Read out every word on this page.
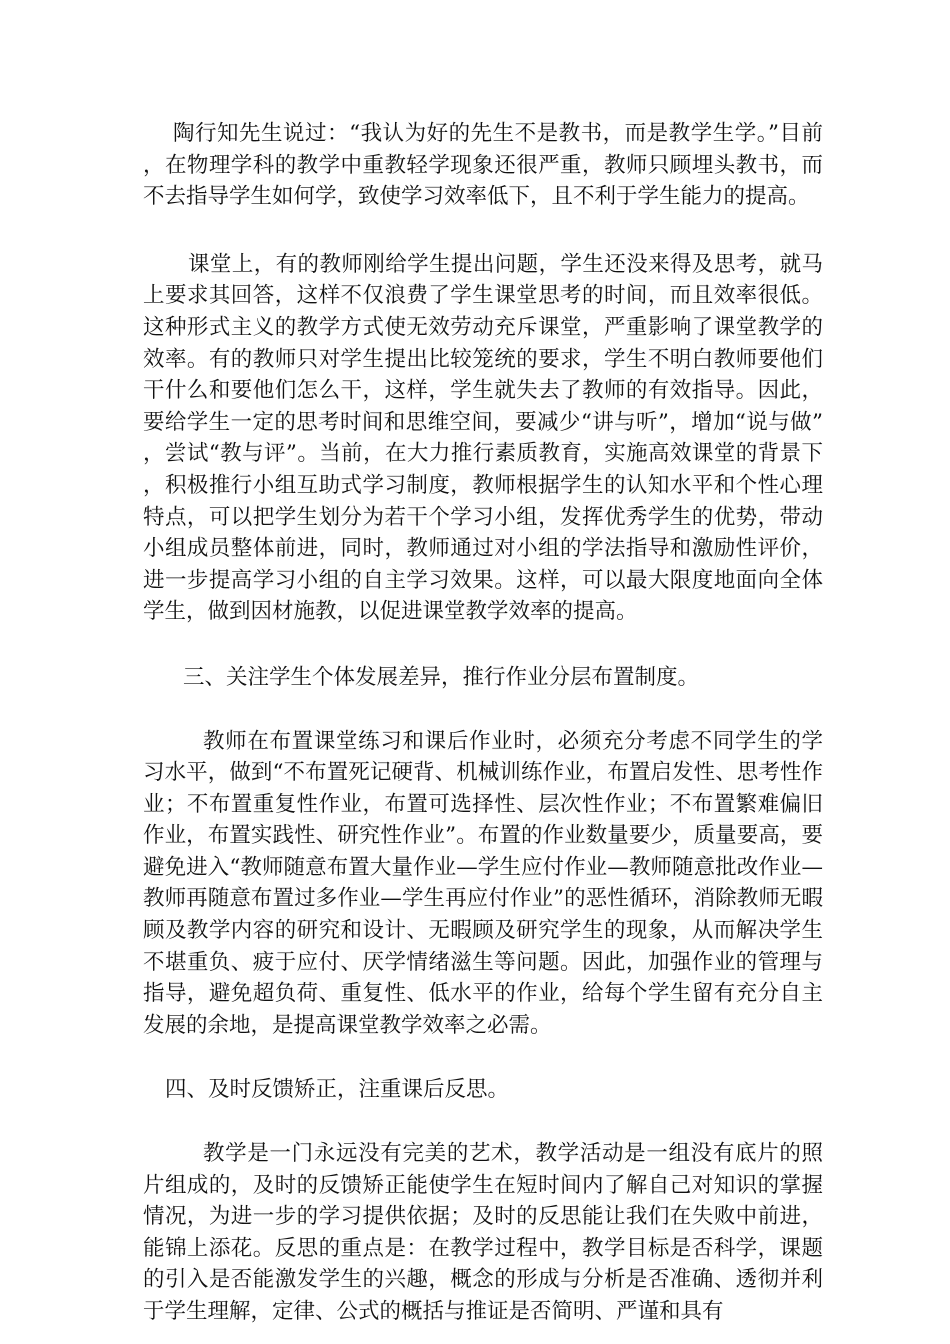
陶行知先生说过：“我认为好的先生不是教书，而是教学生学。”目前，在物理学科的教学中重教轻学现象还很严重，教师只顾埋头教书，而不去指导学生如何学，致使学习效率低下，且不利于学生能力的提高。

课堂上，有的教师刚给学生提出问题，学生还没来得及思考，就马上要求其回答，这样不仅浪费了学生课堂思考的时间，而且效率很低。这种形式主义的教学方式使无效劳动充斥课堂，严重影响了课堂教学的效率。有的教师只对学生提出比较笼统的要求，学生不明白教师要他们干什么和要他们怎么干，这样，学生就失去了教师的有效指导。因此，要给学生一定的思考时间和思维空间，要减少“讲与听”，增加“说与做”，尝试“教与评”。当前，在大力推行素质教育，实施高效课堂的背景下，积极推行小组互助式学习制度，教师根据学生的认知水平和个性心理特点，可以把学生划分为若干个学习小组，发挥优秀学生的优势，带动小组成员整体前进，同时，教师通过对小组的学法指导和激励性评价，进一步提高学习小组的自主学习效果。这样，可以最大限度地面向全体学生，做到因材施教，以促进课堂教学效率的提高。

三、关注学生个体发展差异，推行作业分层布置制度。

教师在布置课堂练习和课后作业时，必须充分考虑不同学生的学习水平，做到“不布置死记硬背、机械训练作业，布置启发性、思考性作业；不布置重复性作业，布置可选择性、层次性作业；不布置繁难偏旧作业，布置实践性、研究性作业”。布置的作业数量要少，质量要高，要避免进入“教师随意布置大量作业—学生应付作业—教师随意批改作业—教师再随意布置过多作业—学生再应付作业”的恶性循环，消除教师无暇顾及教学内容的研究和设计、无暇顾及研究学生的现象，从而解决学生不堪重负、疲于应付、厌学情绪滋生等问题。因此，加强作业的管理与指导，避免超负荷、重复性、低水平的作业，给每个学生留有充分自主发展的余地，是提高课堂教学效率之必需。

四、及时反馈矫正，注重课后反思。

教学是一门永远没有完美的艺术，教学活动是一组没有底片的照片组成的，及时的反馈矫正能使学生在短时间内了解自己对知识的掌握情况，为进一步的学习提供依据；及时的反思能让我们在失败中前进，能锦上添花。反思的重点是：在教学过程中，教学目标是否科学，课题的引入是否能激发学生的兴趣，概念的形成与分析是否准确、透彻并利于学生理解，定律、公式的概括与推证是否简明、严谨和具有
